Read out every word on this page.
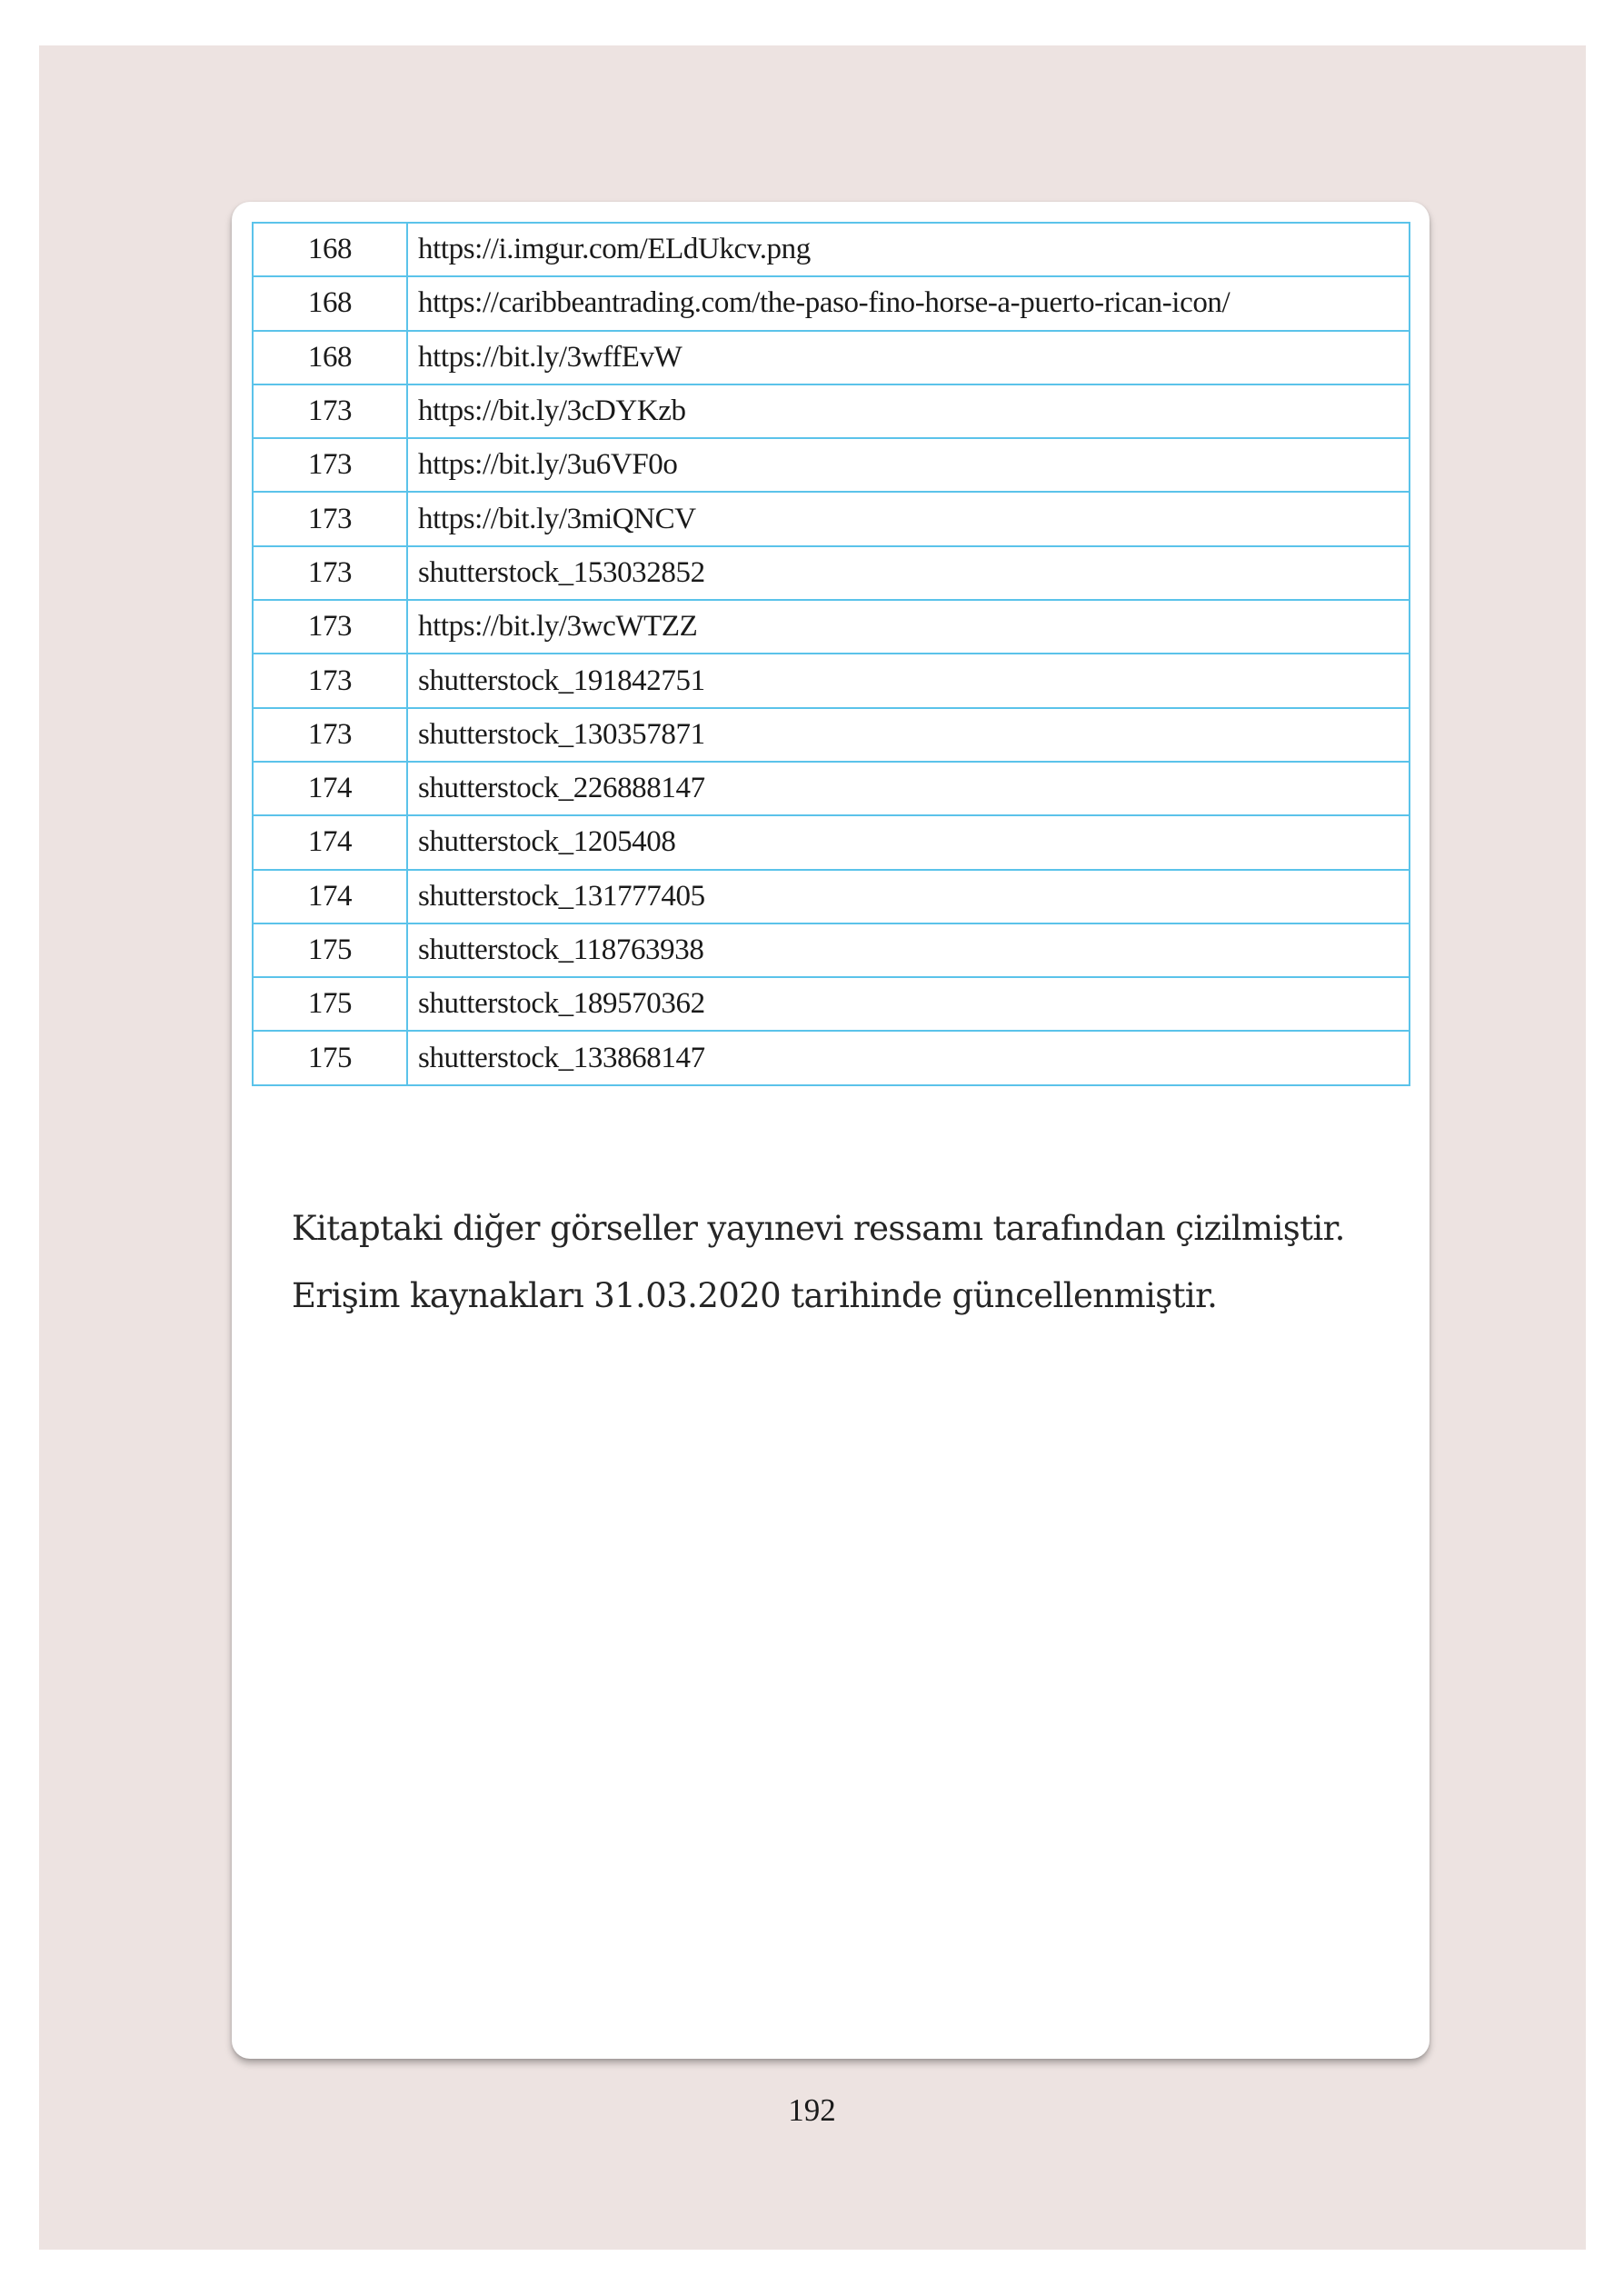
168	https://i.imgur.com/ELdUkcv.png
168	https://caribbeantrading.com/the-paso-fino-horse-a-puerto-rican-icon/
168	https://bit.ly/3wffEvW
173	https://bit.ly/3cDYKzb
173	https://bit.ly/3u6VF0o
173	https://bit.ly/3miQNCV
173	shutterstock_153032852
173	https://bit.ly/3wcWTZZ
173	shutterstock_191842751
173	shutterstock_130357871
174	shutterstock_226888147
174	shutterstock_1205408
174	shutterstock_131777405
175	shutterstock_118763938
175	shutterstock_189570362
175	shutterstock_133868147
Kitaptaki diğer görseller yayınevi ressamı tarafından çizilmiştir.
Erişim kaynakları 31.03.2020 tarihinde güncellenmiştir.
192
